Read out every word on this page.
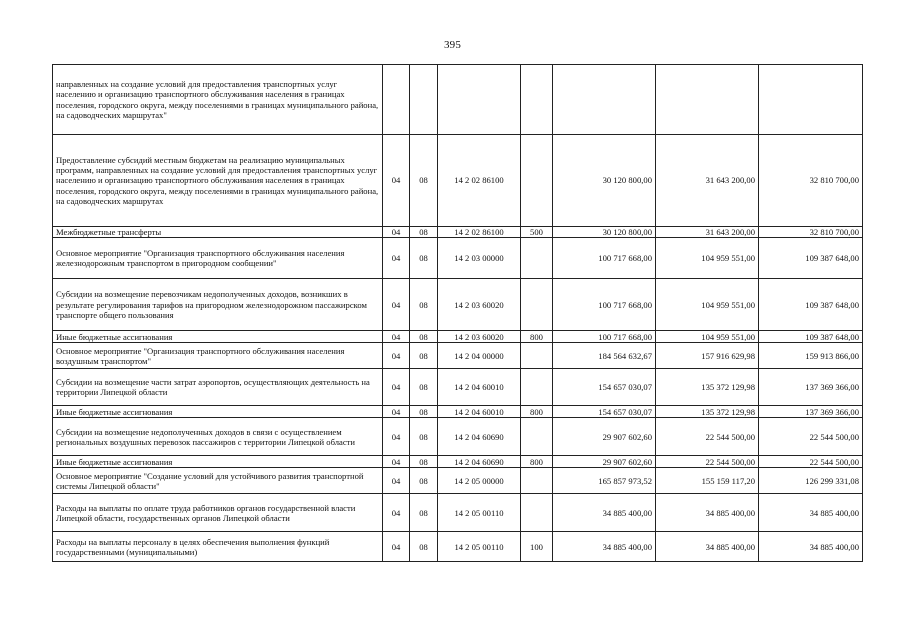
395
направленных на создание условий для предоставления транспортных услуг населению и организацию транспортного обслуживания населения в границах поселения, городского округа, между поселениями в границах муниципального района, на садоводческих маршрутах"							
Предоставление субсидий местным бюджетам на реализацию муниципальных программ, направленных на создание условий для предоставления транспортных услуг населению и организацию транспортного обслуживания населения в границах поселения, городского округа, между поселениями в границах муниципального района, на садоводческих маршрутах	04	08	14 2 02 86100		30 120 800,00	31 643 200,00	32 810 700,00
Межбюджетные трансферты	04	08	14 2 02 86100	500	30 120 800,00	31 643 200,00	32 810 700,00
Основное мероприятие "Организация транспортного обслуживания населения железнодорожным транспортом в пригородном сообщении"	04	08	14 2 03 00000		100 717 668,00	104 959 551,00	109 387 648,00
Субсидии на возмещение перевозчикам недополученных доходов, возникших в результате регулирования тарифов на пригородном железнодорожном пассажирском транспорте общего пользования	04	08	14 2 03 60020		100 717 668,00	104 959 551,00	109 387 648,00
Иные бюджетные ассигнования	04	08	14 2 03 60020	800	100 717 668,00	104 959 551,00	109 387 648,00
Основное мероприятие "Организация транспортного обслуживания населения воздушным транспортом"	04	08	14 2 04 00000		184 564 632,67	157 916 629,98	159 913 866,00
Субсидии на возмещение части затрат аэропортов, осуществляющих деятельность на территории Липецкой области	04	08	14 2 04 60010		154 657 030,07	135 372 129,98	137 369 366,00
Иные бюджетные ассигнования	04	08	14 2 04 60010	800	154 657 030,07	135 372 129,98	137 369 366,00
Субсидии на возмещение недополученных доходов в связи с осуществлением региональных воздушных перевозок пассажиров с территории Липецкой области	04	08	14 2 04 60690		29 907 602,60	22 544 500,00	22 544 500,00
Иные бюджетные ассигнования	04	08	14 2 04 60690	800	29 907 602,60	22 544 500,00	22 544 500,00
Основное мероприятие "Создание условий для устойчивого развития транспортной системы Липецкой области"	04	08	14 2 05 00000		165 857 973,52	155 159 117,20	126 299 331,08
Расходы на выплаты по оплате труда работников органов государственной власти Липецкой области, государственных органов Липецкой области	04	08	14 2 05 00110		34 885 400,00	34 885 400,00	34 885 400,00
Расходы на выплаты персоналу в целях обеспечения выполнения функций государственными (муниципальными)	04	08	14 2 05 00110	100	34 885 400,00	34 885 400,00	34 885 400,00
